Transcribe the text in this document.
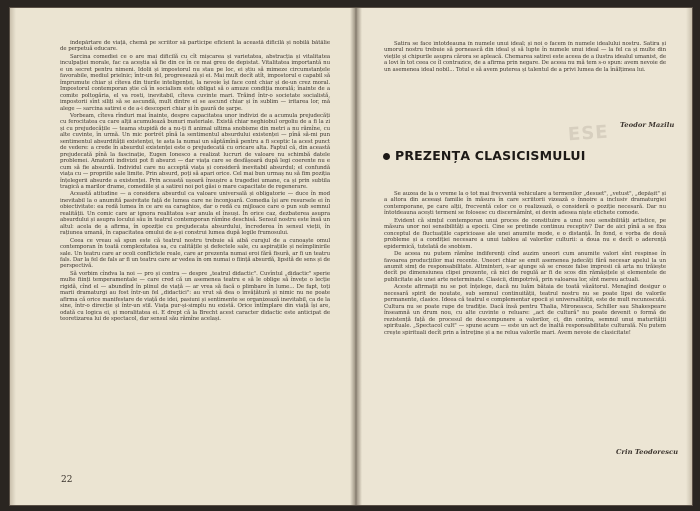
îndepărtare de viață, chemă pe scriitor să participe eficient la această dificilă și nobilă bătălie de perpetuă educare.

Sarcina comediei ce o are mai dificilă cu cît mișcarea și varietatea, abstracția și vitalitatea inculpației morale, fac ca aceștia să fie din ce în ce mai greu de depistat. Vitalitatea importantă nu e un secret pentru nimeni. Idolii și impostorul nu stau pe loc, ei știu să mimeze circumstanțele favorabile, mediul prielnic; într-un fel, progresează și ei. Mai mult decît atît, impostorul e capabil să împrumute chiar și cîteva din tiurile inteligenței, la nevoie își face cont chiar și de-un crez moral. Impostorul contemporan știe că în socialism este obligat să o amuze condiția morală; înainte de a comite poltogăria, el va rosti, inevitabil, cîteva cuvinte mari. Trăind într-o societate socialistă, impostorii sînt siliți să se ascundă, mult dintre ei se ascund chiar și în sublim — iritarea lor, mă alege — sarcina satirei e de a-i descoperi chiar și în gaură de șarpe.

Vorbeam, cîteva rînduri mai înainte, despre capacitatea unor indivizi de a acumula prejudecăți cu ferocitatea cu care alții acumulează bunuri materiale. Există chiar neghiobul orgoliu de a fi la zi și cu prejudecățile — teama stupidă de a nu-ți fi animal ultima snobisme din metri a nu rămîne, cu alte cuvinte, în urmă. Un mic portrét pînă la sentimentul absurdului existenței — pînă să-mi pun sentimentul absurdității existenței, te asta la numai un săptămînă pentru a fi sceptic la acest punct de vedere: a crede în absurdul existenței este o prejudecată cu oricare alta. Faptul că, din această prejudecată pînă la fascinație, Eugen Ionesco a realizat lucruri de valoare nu schimbă datele problemei. Amatorii indivizii pot fi absurzi — dar viața care se desfășoară după legi coerente nu e cum să fie absurdă. Individul care nu acceptă viața și consideră inevitabil absurdul; el confundă viața cu — propriile sale limite. Prin absurd, poți să apari orice. Cel mai bun urmaș nu să fim poziția înțelegerii absurde a existenței. Prin această ușoară însușire a tragediei umane, ca și prin subtila tragică a marilor drame, comediile și a satirei noi pot găsi o mare capacitate de regenerare.

Această atitudine — a considera absurdul ca valoare universală și obligatorie — duce în mod inevitabil la o anumită pasivitate față de lumea care ne înconjoară. Comedia își are resursele ei în obiectivitate: ea redă lumea în ce are ea caraghios, dar o redă cu mijloace care o pun sub semnul realității. Un comic care ar ignora realitatea s-ar anula el însuși. În orice caz, dezbaterea asupra absurdului și asupra locului său în teatrul contemporan rămîne deschisă. Sensul nostru este însă un altul: acela de a afirma, în opoziție cu prejudecata absurdului, încrederea în sensul vieții, în rațiunea umană, în capacitatea omului de a-și construi lumea după legile frumosului.

Ceea ce vreau să spun este că teatrul nostru trebuie să aibă curajul de a cunoaște omul contemporan în toată complexitatea sa, cu calitățile și defectele sale, cu aspirațiile și neîmplinirile sale. Un teatru care ar ocoli conflictele reale, care ar prezenta numai eroi fără fisură, ar fi un teatru fals. Dar la fel de fals ar fi un teatru care ar vedea în om numai o ființă absurdă, lipsită de sens și de perspectivă.

Să vorbim cîndva la noi — pro și contra — despre „teatrul didactic". Cuvîntul „didactic" sperie multe ființi temperamentale — care cred că un asemenea teatru e să le oblige să învețe o lecție rigidă, cînd el — abundînd în plinul de viață — ar vrea să facă o plimbare în lume... De fapt, toți marii dramaturgi au fost într-un fel „didactici": au vrut să dea o învățătură și nimic nu ne poate afirma că orice manifestare de viață de idei, pasiuni și sentimente se organizează inevitabil, ca de la sine, într-o direcție și într-un stil. Viața pur-și-simplu nu există. Orice întîmplare din viață își are, odată cu logica ei, și moralitatea ei. E drept că la Brecht acest caracter didactic este anticipat de teoretizarea lui de spectacol, dar sensul său rămîne același.

22

Satira se face întotdeauna în numele unui ideal; și noi o facem în numele idealului nostru. Satira și umorul nostru trebuie să pornească din ideal și să lupte în numele unui ideal — la fel ca și multe din viețile și chipurile asupra cărora se apleacă. Chemarea satirei este aceea de a ilustra idealul umanist, de a lovi în tot ceea ce îl contrazice, de a afirma prin negare. De aceea nu mă tem s-o spun: avem nevoie de un asemenea ideal nobil... Totul e să avem puterea și talentul de a privi lumea de la înălțimea lui.

Teodor Mazilu
ESE
PREZENȚA CLASICISMULUI

Se auzea de la o vreme la o tot mai frecventă vehiculare a termenilor „desuet", „vetust", „depășit" și a altora din aceeași familie în măsura în care scriitorii vizează o înnoire a inclusiv dramaturgiei contemporane, pe care alții, frecventă celor ce o realizează, o consideră o poziție necesară. Dar nu întotdeauna acești termeni se folosesc cu discernămînt, ei devin adesea niște etichete comode.

Evident că simțul contemporan unui proces de constituire a unui nou sensibilități artistice, pe măsura unor noi sensibilități a epocii. Cine se pretinde continuu receptiv? Dar de aici pînă a se fixa conceptul de fluctuațiile capricioase ale unei anumite mode, e o distanță. În fond, e vorba de două probleme și a condiției necesare a unui tablou al valorilor culturii: a doua nu e decît o aderență epidermică, tutelată de snobism.

De aceea nu putem rămîne indiferenți cînd auzim uneori cum anumite valori sînt respinse în favoarea producțiilor mai recente. Uneori chiar se emit asemenea judecăți fără necesar apelul la un anumit simț de responsabilitate. Altminteri, s-ar ajunge să se creeze false impresii că arta nu trăiește decît pe dimensiunea clipei prezente, că nici de regulă ar fi de scos din rămășițele și elementele de publicitate ale unei arte neterminate. Clasicii, dimpotrivă, prin valoarea lor, sînt mereu actuali.

Aceste afirmații nu se pot înțelege, dacă nu luăm bătaia de toată văzătorul. Menajînd desigur o necesară spirit de noutate, sub semnul continuității, teatrul nostru nu se poate lipsi de valorile permanente, clasice. Ideea că teatrul e complementar epocii și universalității, este de mult recunoscută. Cultura nu se poate rupe de tradiție. Dacă însă pentru Thalia, Mironeasca, Schiller sau Shakespeare înseamnă un drum nou, cu alte cuvinte o reluare: „act de cultură" nu poate devenit o formă de rezistență față de procesul de descompunere a valorilor, ci, din contra, semnul unui maturității spirituale. „Spectacol cult" — spune acum — este un act de înaltă responsabilitate culturală. Nu putem crește spirituali decît prin a întreține și a ne relua valorile mari. Avem nevoie de clasicitate!

Crin Teodorescu
